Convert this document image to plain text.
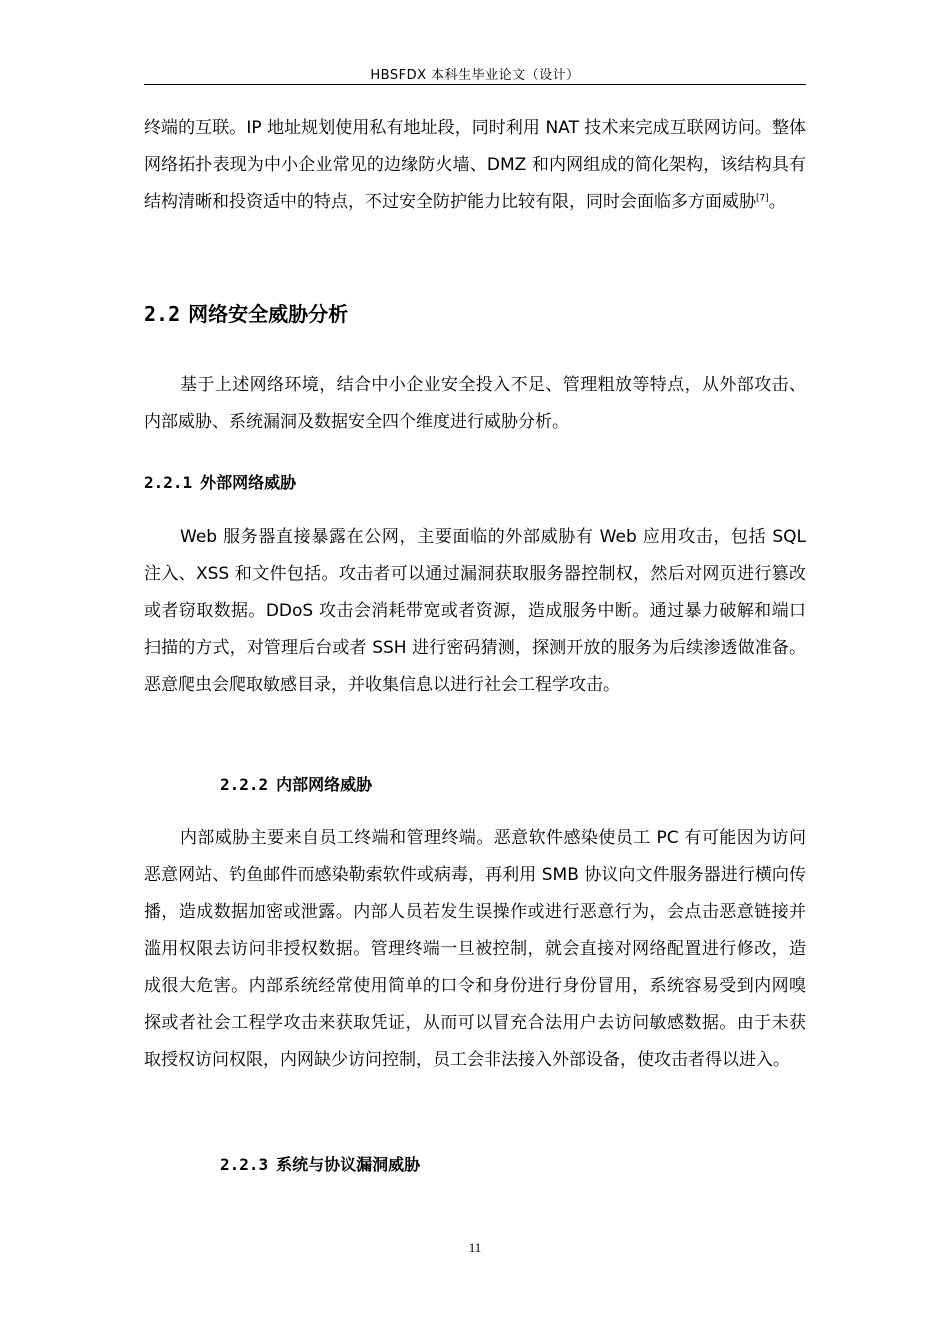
HBSFDX 本科生毕业论文（设计）

终端的互联。IP 地址规划使用私有地址段，同时利用 NAT 技术来完成互联网访问。整体网络拓扑表现为中小企业常见的边缘防火墙、DMZ 和内网组成的简化架构，该结构具有结构清晰和投资适中的特点，不过安全防护能力比较有限，同时会面临多方面威胁[7]。

2.2 网络安全威胁分析

基于上述网络环境，结合中小企业安全投入不足、管理粗放等特点，从外部攻击、内部威胁、系统漏洞及数据安全四个维度进行威胁分析。

2.2.1 外部网络威胁

Web 服务器直接暴露在公网，主要面临的外部威胁有 Web 应用攻击，包括 SQL 注入、XSS 和文件包括。攻击者可以通过漏洞获取服务器控制权，然后对网页进行篡改或者窃取数据。DDoS 攻击会消耗带宽或者资源，造成服务中断。通过暴力破解和端口扫描的方式，对管理后台或者 SSH 进行密码猜测，探测开放的服务为后续渗透做准备。恶意爬虫会爬取敏感目录，并收集信息以进行社会工程学攻击。

2.2.2 内部网络威胁

内部威胁主要来自员工终端和管理终端。恶意软件感染使员工 PC 有可能因为访问恶意网站、钓鱼邮件而感染勒索软件或病毒，再利用 SMB 协议向文件服务器进行横向传播，造成数据加密或泄露。内部人员若发生误操作或进行恶意行为，会点击恶意链接并滥用权限去访问非授权数据。管理终端一旦被控制，就会直接对网络配置进行修改，造成很大危害。内部系统经常使用简单的口令和身份进行身份冒用，系统容易受到内网嗅探或者社会工程学攻击来获取凭证，从而可以冒充合法用户去访问敏感数据。由于未获取授权访问权限，内网缺少访问控制，员工会非法接入外部设备，使攻击者得以进入。

2.2.3 系统与协议漏洞威胁
11
